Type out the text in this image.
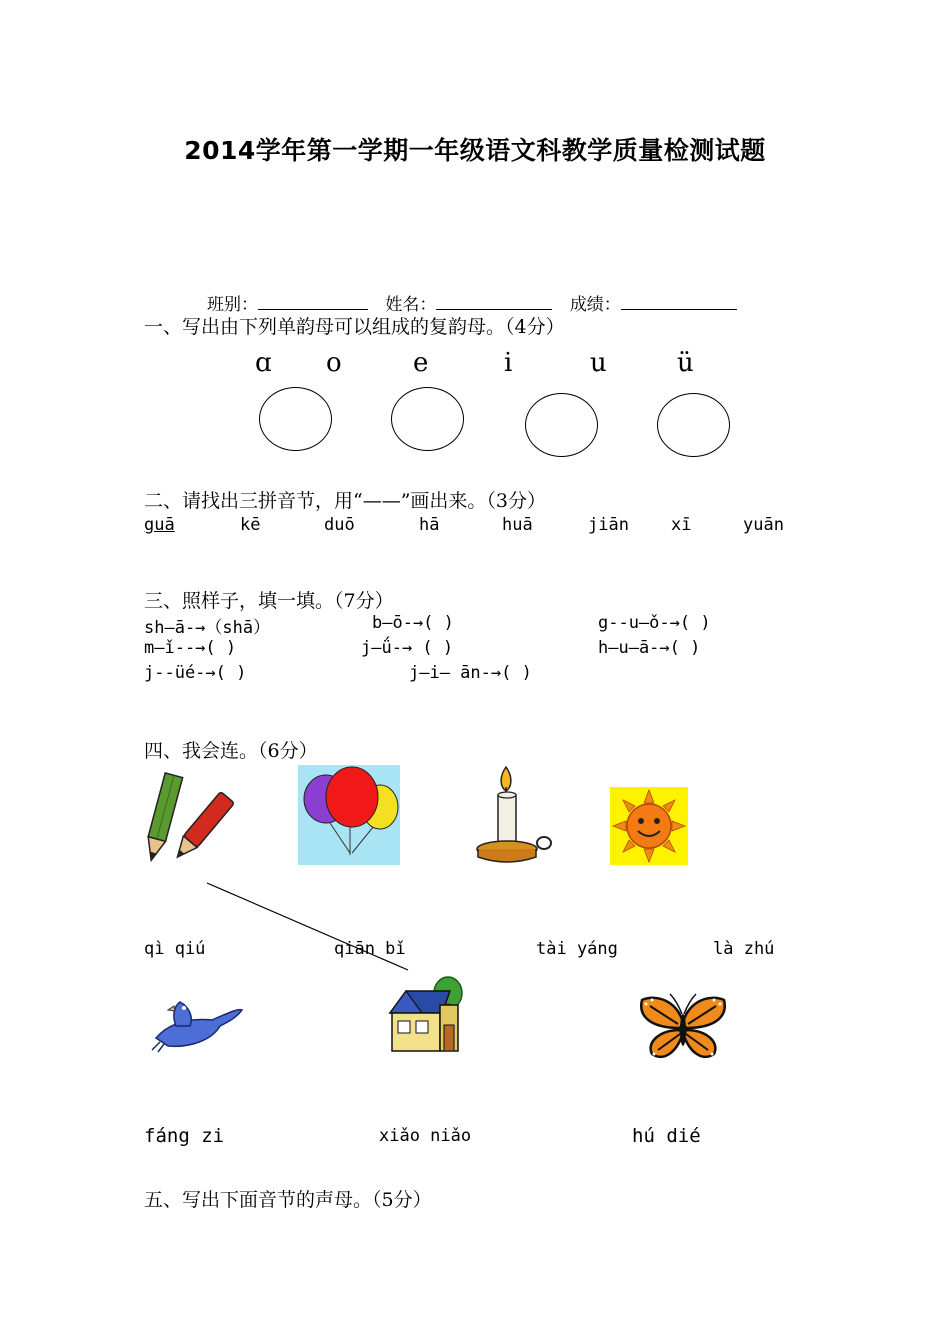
2014学年第一学期一年级语文科教学质量检测试题
班别：	姓名：	成绩：
一、写出由下列单韵母可以组成的复韵母。（4分）
ɑ o	e	i	u	ü
二、请找出三拼音节，用“——”画出来。（3分）
guā	kē	duō	hā	huā	jiān xī	yuān
三、照样子，填一填。（7分）
sh—ā-→（shā）	b—ō-→( )	g--u—ǒ-→( )
m—ǐ--→( )	j—ǘ-→ ( )	h—u—ā-→( )
j--üé-→( )	j—i— ān-→( )
四、我会连。（6分）
qì qiú	qiān bǐ	tài yáng	là zhú
fáng zi	xiǎo niǎo	hú dié
五、写出下面音节的声母。（5分）
